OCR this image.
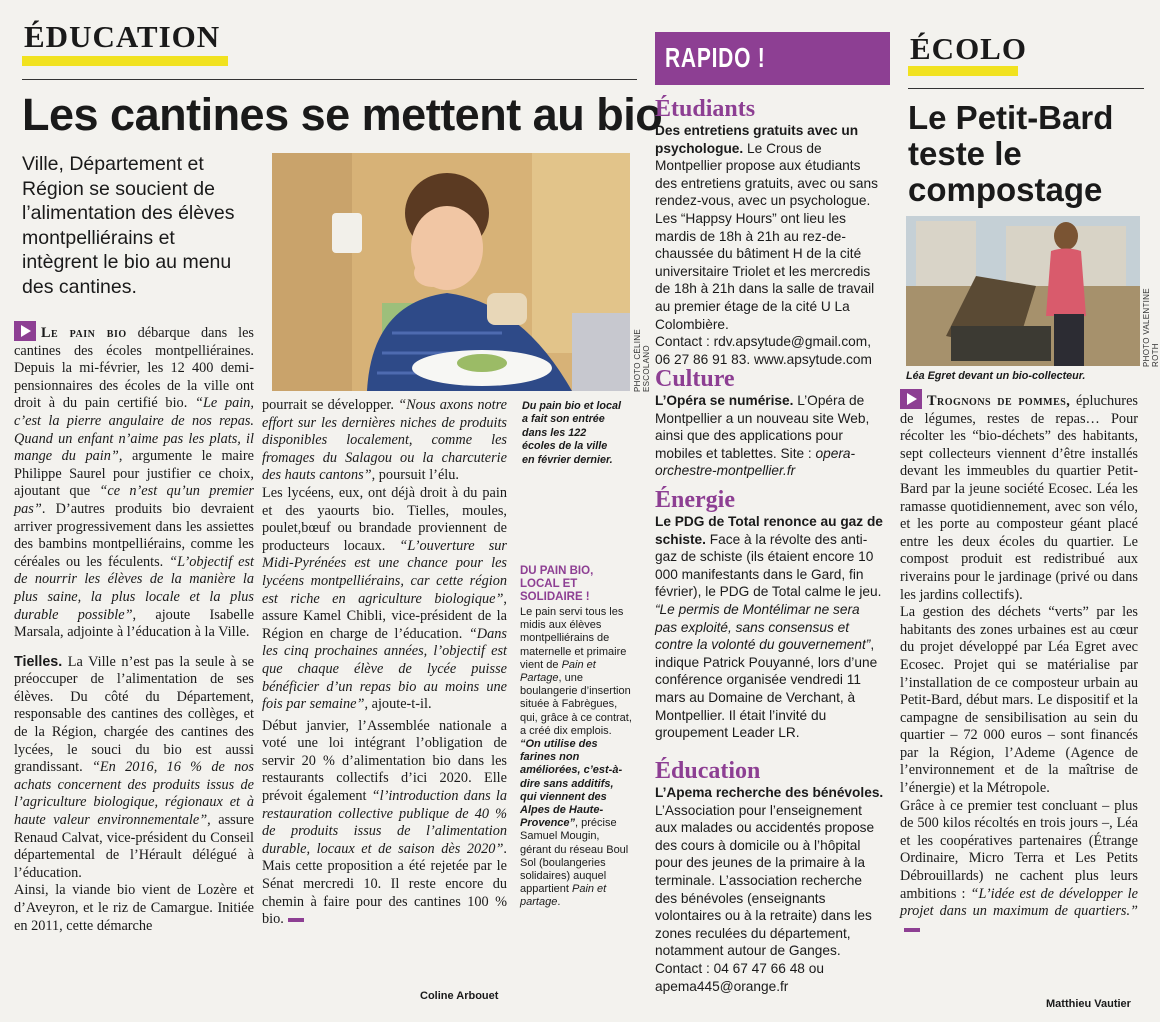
ÉDUCATION
Les cantines se mettent au bio
Ville, Département et Région se soucient de l’alimentation des élèves montpelliérains et intègrent le bio au menu des cantines.
PHOTO CÉLINE ESCOLANO

Le pain bio débarque dans les cantines des écoles montpelliéraines. Depuis la mi-février, les 12 400 demi-pensionnaires des écoles de la ville ont droit à du pain certifié bio. “Le pain, c’est la pierre angulaire de nos repas. Quand un enfant n’aime pas les plats, il mange du pain”, argumente le maire Philippe Saurel pour justifier ce choix, ajoutant que “ce n’est qu’un premier pas”. D’autres produits bio devraient arriver progressivement dans les assiettes des bambins montpelliérains, comme les céréales ou les féculents. “L’objectif est de nourrir les élèves de la manière la plus saine, la plus locale et la plus durable possible”, ajoute Isabelle Marsala, adjointe à l’éducation à la Ville.

Tielles. La Ville n’est pas la seule à se préoccuper de l’alimentation de ses élèves. Du côté du Département, responsable des cantines des collèges, et de la Région, chargée des cantines des lycées, le souci du bio est aussi grandissant. “En 2016, 16 % de nos achats concernent des produits issus de l’agriculture biologique, régionaux et à haute valeur environnementale”, assure Renaud Calvat, vice-président du Conseil départemental de l’Hérault délégué à l’éducation.

Ainsi, la viande bio vient de Lozère et d’Aveyron, et le riz de Camargue. Initiée en 2011, cette démarche

pourrait se développer. “Nous axons notre effort sur les dernières niches de produits disponibles localement, comme les fromages du Salagou ou la charcuterie des hauts cantons”, poursuit l’élu.

Les lycéens, eux, ont déjà droit à du pain et des yaourts bio. Tielles, moules, poulet,bœuf ou brandade proviennent de producteurs locaux. “L’ouverture sur Midi-Pyrénées est une chance pour les lycéens montpelliérains, car cette région est riche en agriculture biologique”, assure Kamel Chibli, vice-président de la Région en charge de l’éducation. “Dans les cinq prochaines années, l’objectif est que chaque élève de lycée puisse bénéficier d’un repas bio au moins une fois par semaine”, ajoute-t-il.

Début janvier, l’Assemblée nationale a voté une loi intégrant l’obligation de servir 20 % d’alimentation bio dans les restaurants collectifs d’ici 2020. Elle prévoit également “l’introduction dans la restauration collective publique de 40 % de produits issus de l’alimentation durable, locaux et de saison dès 2020”. Mais cette proposition a été rejetée par le Sénat mercredi 10. Il reste encore du chemin à faire pour des cantines 100 % bio.

Coline Arbouet
Du pain bio et local a fait son entrée dans les 122 écoles de la ville en février dernier.
DU PAIN BIO, LOCAL ET SOLIDAIRE !
Le pain servi tous les midis aux élèves montpelliérains de maternelle et primaire vient de Pain et Partage, une boulangerie d’insertion située à Fabrègues, qui, grâce à ce contrat, a créé dix emplois. “On utilise des farines non améliorées, c’est-à-dire sans additifs, qui viennent des Alpes de Haute-Provence”, précise Samuel Mougin, gérant du réseau Boul Sol (boulangeries solidaires) auquel appartient Pain et partage.
RAPIDO !
Étudiants

Des entretiens gratuits avec un psychologue. Le Crous de Montpellier propose aux étudiants des entretiens gratuits, avec ou sans rendez-vous, avec un psychologue. Les “Happsy Hours” ont lieu les mardis de 18h à 21h au rez-de-chaussée du bâtiment H de la cité universitaire Triolet et les mercredis de 18h à 21h dans la salle de travail au premier étage de la cité U La Colombière.

Contact : rdv.apsytude@gmail.com, 06 27 86 91 83. www.apsytude.com

Culture

L’Opéra se numérise. L’Opéra de Montpellier a un nouveau site Web, ainsi que des applications pour mobiles et tablettes. Site : opera-orchestre-montpellier.fr

Énergie

Le PDG de Total renonce au gaz de schiste. Face à la révolte des anti-gaz de schiste (ils étaient encore 10 000 manifestants dans le Gard, fin février), le PDG de Total calme le jeu. “Le permis de Montélimar ne sera pas exploité, sans consensus et contre la volonté du gouvernement”, indique Patrick Pouyanné, lors d’une conférence organisée vendredi 11 mars au Domaine de Verchant, à Montpellier. Il était l’invité du groupement Leader LR.

Éducation

L’Apema recherche des bénévoles. L’Association pour l’enseignement aux malades ou accidentés propose des cours à domicile ou à l’hôpital pour des jeunes de la primaire à la terminale. L’association recherche des bénévoles (enseignants volontaires ou à la retraite) dans les zones reculées du département, notamment autour de Ganges. Contact : 04 67 47 66 48 ou apema445@orange.fr

ÉCOLO
Le Petit-Bard teste le compostage
PHOTO VALENTINE ROTH
Léa Egret devant un bio-collecteur.

Trognons de pommes, épluchures de légumes, restes de repas… Pour récolter les “bio-déchets” des habitants, sept collecteurs viennent d’être installés devant les immeubles du quartier Petit-Bard par la jeune société Ecosec. Léa les ramasse quotidiennement, avec son vélo, et les porte au composteur géant placé entre les deux écoles du quartier. Le compost produit est redistribué aux riverains pour le jardinage (privé ou dans les jardins collectifs).

La gestion des déchets “verts” par les habitants des zones urbaines est au cœur du projet développé par Léa Egret avec Ecosec. Projet qui se matérialise par l’installation de ce composteur urbain au Petit-Bard, début mars. Le dispositif et la campagne de sensibilisation au sein du quartier – 72 000 euros – sont financés par la Région, l’Ademe (Agence de l’environnement et de la maîtrise de l’énergie) et la Métropole.

Grâce à ce premier test concluant – plus de 500 kilos récoltés en trois jours –, Léa et les coopératives partenaires (Étrange Ordinaire, Micro Terra et Les Petits Débrouillards) ne cachent plus leurs ambitions : “L’idée est de développer le projet dans un maximum de quartiers.”

Matthieu Vautier
